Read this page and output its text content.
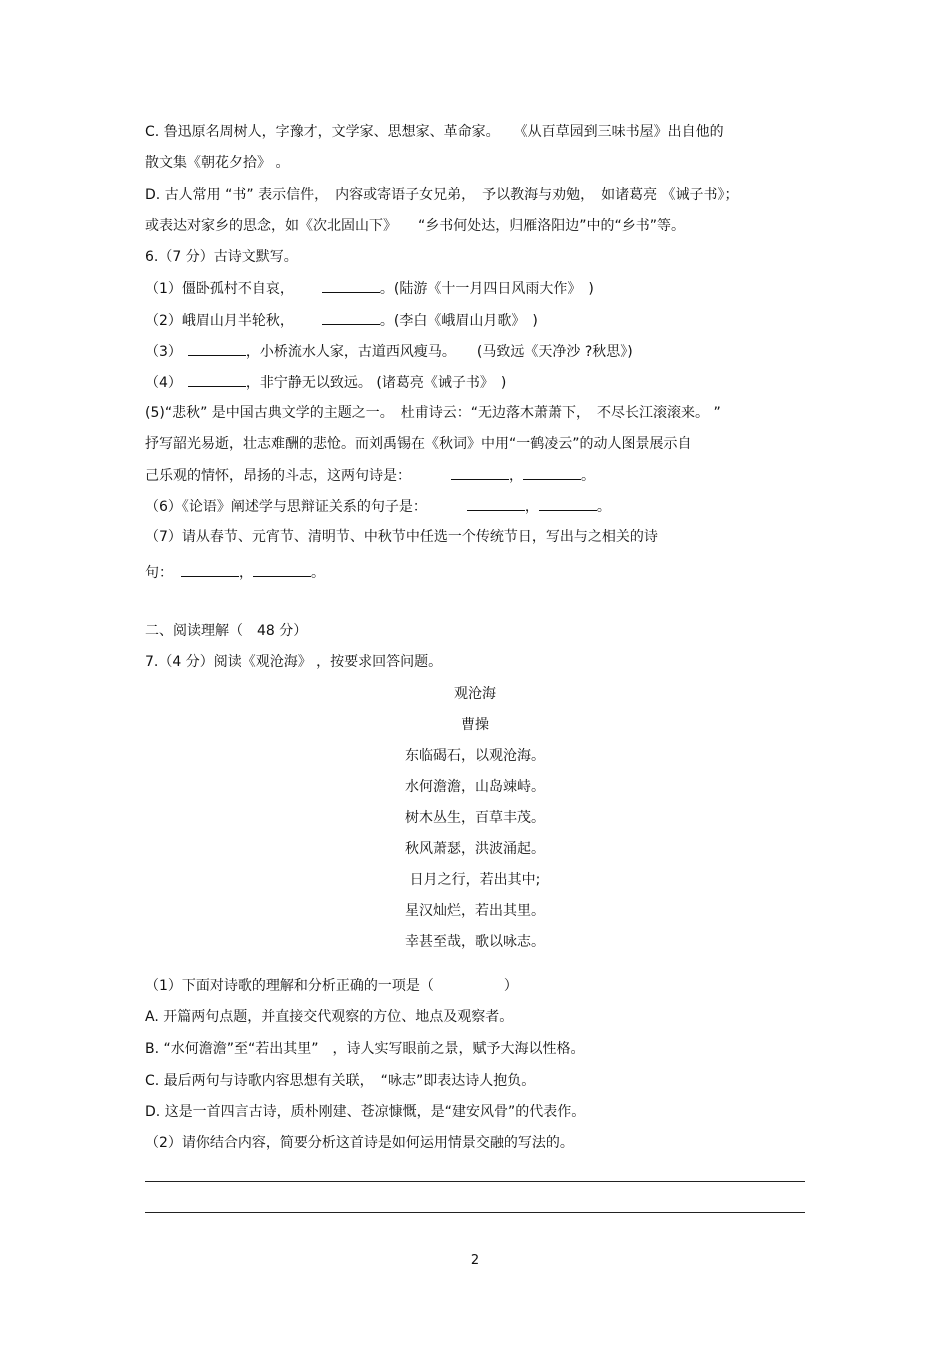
C. 鲁迅原名周树人，字豫才，文学家、思想家、革命家。　　《从百草园到三味书屋》出自他的
散文集《朝花夕拾》 。
D. 古人常用 “书” 表示信件，　内容或寄语子女兄弟，　予以教海与劝勉，　如诸葛亮 《诫子书》；
或表达对家乡的思念，如《次北固山下》　　“乡书何处达，归雁洛阳边”中的“乡书”等。
6.（7 分）古诗文默写。
（1）僵卧孤村不自哀，	。(陆游《十一月四日风雨大作》　)
（2）峨眉山月半轮秋，	。(李白《峨眉山月歌》　)
（3）	，小桥流水人家，古道西风瘦马。　　(马致远《天净沙 ?秋思》)
（4）	，非宁静无以致远。 (诸葛亮《诫子书》　)
(5)“悲秋” 是中国古典文学的主题之一。　杜甫诗云：“无边落木萧萧下，　不尽长江滚滚来。 ”
抒写韶光易逝，壮志难酬的悲怆。而刘禹锡在《秋词》中用“一鹤凌云”的动人图景展示自
己乐观的情怀，昂扬的斗志，这两句诗是：	，	。
（6）《论语》阐述学与思辩证关系的句子是：	，	。
（7）请从春节、元宵节、清明节、中秋节中任选一个传统节日，写出与之相关的诗
句：	，	。
二、阅读理解（　48 分）
7.（4 分）阅读《观沧海》 ，按要求回答问题。
观沧海
曹操
东临碣石，以观沧海。
水何澹澹，山岛竦峙。
树木丛生，百草丰茂。
秋风萧瑟，洪波涌起。
日月之行，若出其中;
星汉灿烂，若出其里。
幸甚至哉，歌以咏志。
（1）下面对诗歌的理解和分析正确的一项是（　　　　　）
A. 开篇两句点题，并直接交代观察的方位、地点及观察者。
B. “水何澹澹”至“若出其里”　，诗人实写眼前之景，赋予大海以性格。
C. 最后两句与诗歌内容思想有关联，　“咏志”即表达诗人抱负。
D. 这是一首四言古诗，质朴刚建、苍凉慷慨，是“建安风骨”的代表作。
（2）请你结合内容，简要分析这首诗是如何运用情景交融的写法的。
2
